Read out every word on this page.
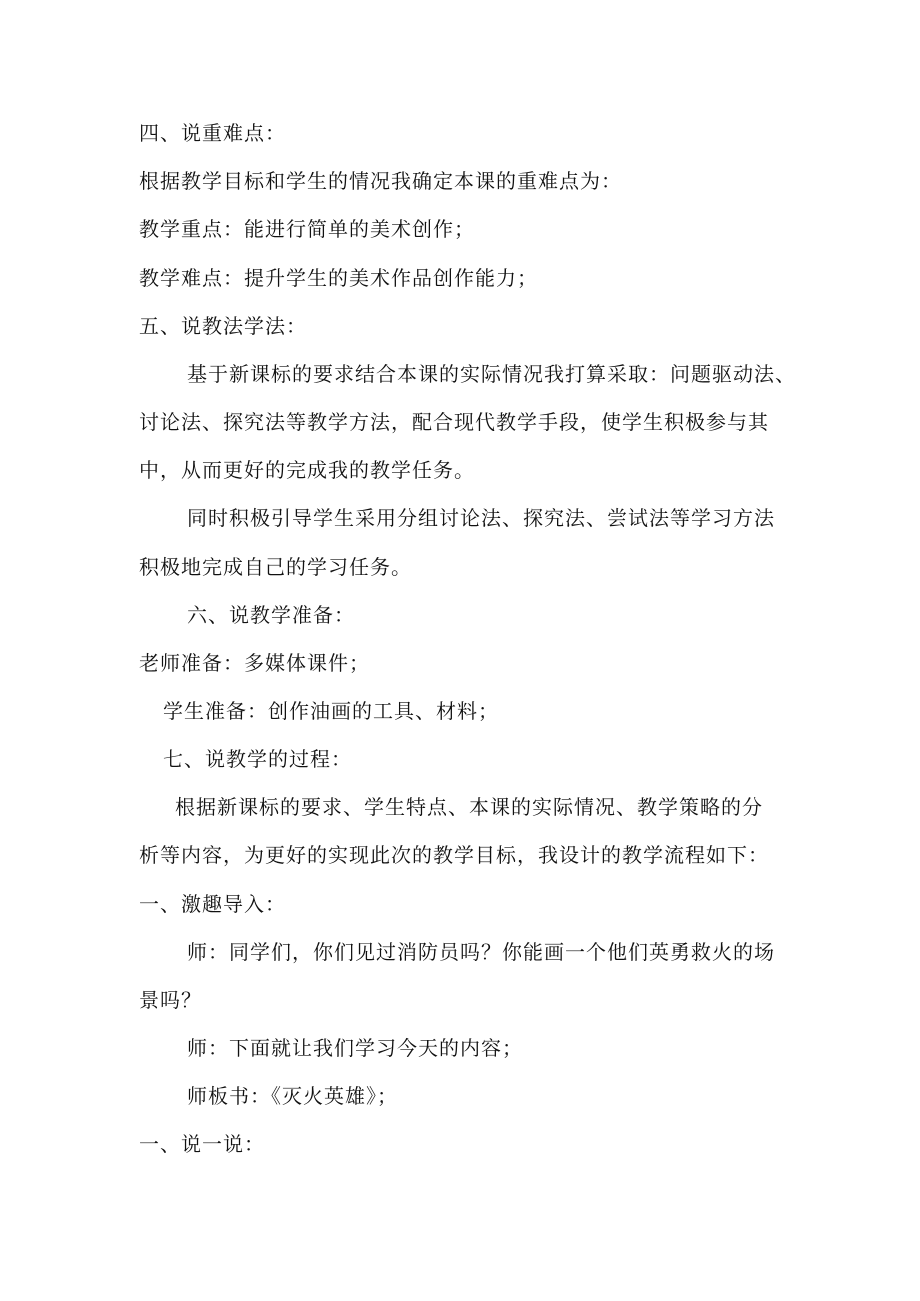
四、说重难点：
根据教学目标和学生的情况我确定本课的重难点为：
教学重点：能进行简单的美术创作；
教学难点：提升学生的美术作品创作能力；
五、说教法学法：
基于新课标的要求结合本课的实际情况我打算采取：问题驱动法、
讨论法、探究法等教学方法，配合现代教学手段，使学生积极参与其
中，从而更好的完成我的教学任务。
同时积极引导学生采用分组讨论法、探究法、尝试法等学习方法
积极地完成自己的学习任务。
六、说教学准备：
老师准备：多媒体课件；
学生准备：创作油画的工具、材料；
七、说教学的过程：
根据新课标的要求、学生特点、本课的实际情况、教学策略的分
析等内容，为更好的实现此次的教学目标，我设计的教学流程如下：
一、激趣导入：
师：同学们，你们见过消防员吗？你能画一个他们英勇救火的场
景吗？
师：下面就让我们学习今天的内容；
师板书：《灭火英雄》；
一、说一说：
